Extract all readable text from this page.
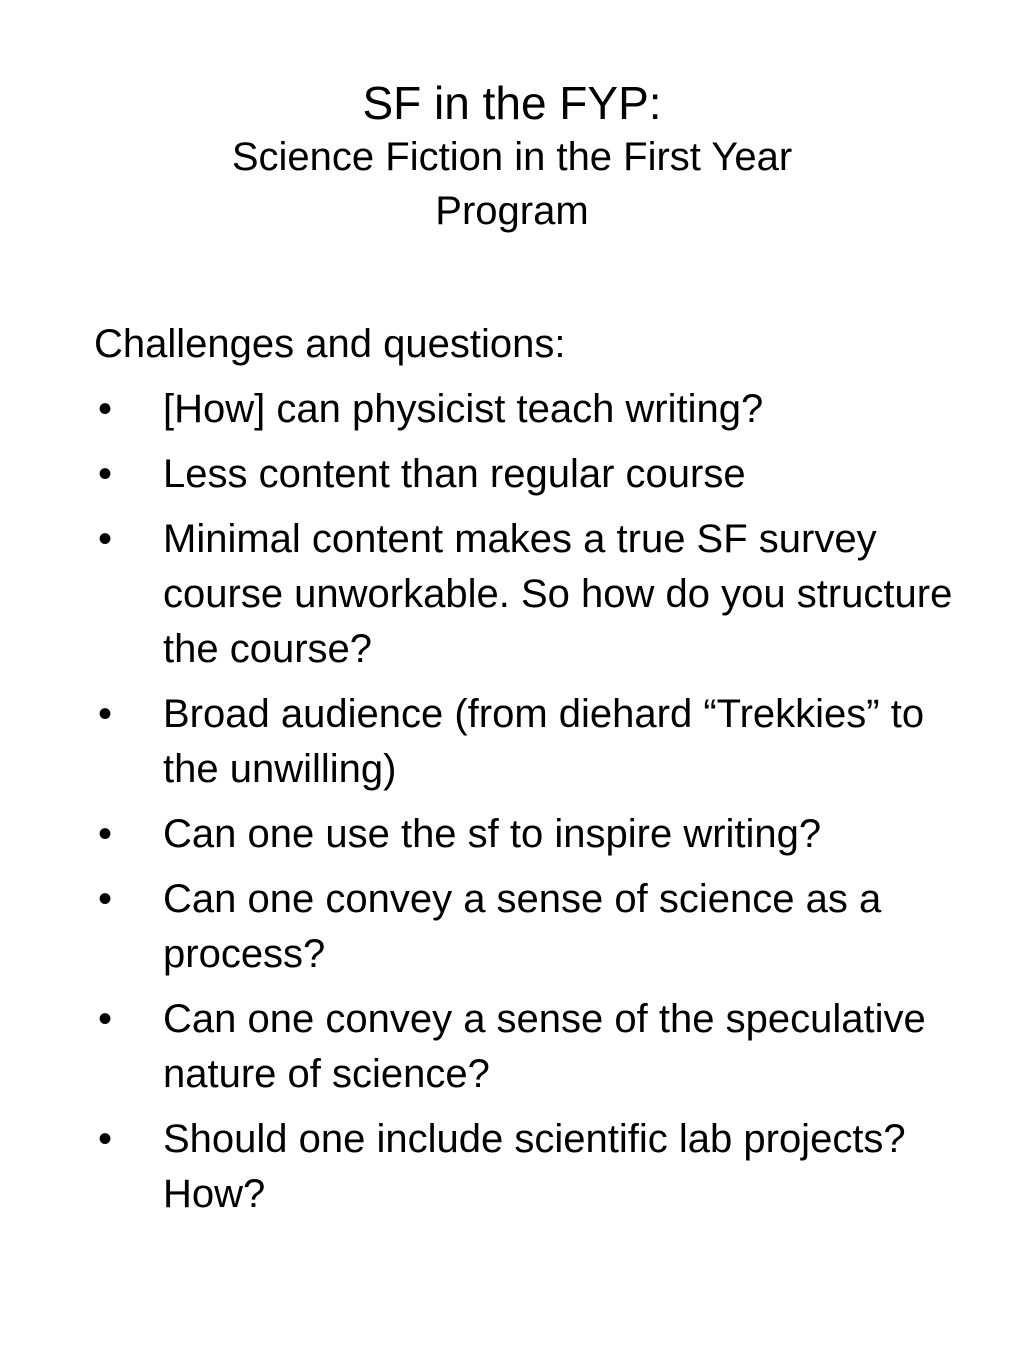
SF in the FYP:

Science Fiction in the First Year Program

Challenges and questions:

•	[How] can physicist teach writing?
•	Less content than regular course
•	Minimal content makes a true SF survey course unworkable. So how do you structure the course?
•	Broad audience (from diehard “Trekkies” to the unwilling)
•	Can one use the sf to inspire writing?
•	Can one convey a sense of science as a process?
•	Can one convey a sense of the speculative nature of science?
•	Should one include scientific lab projects? How?
